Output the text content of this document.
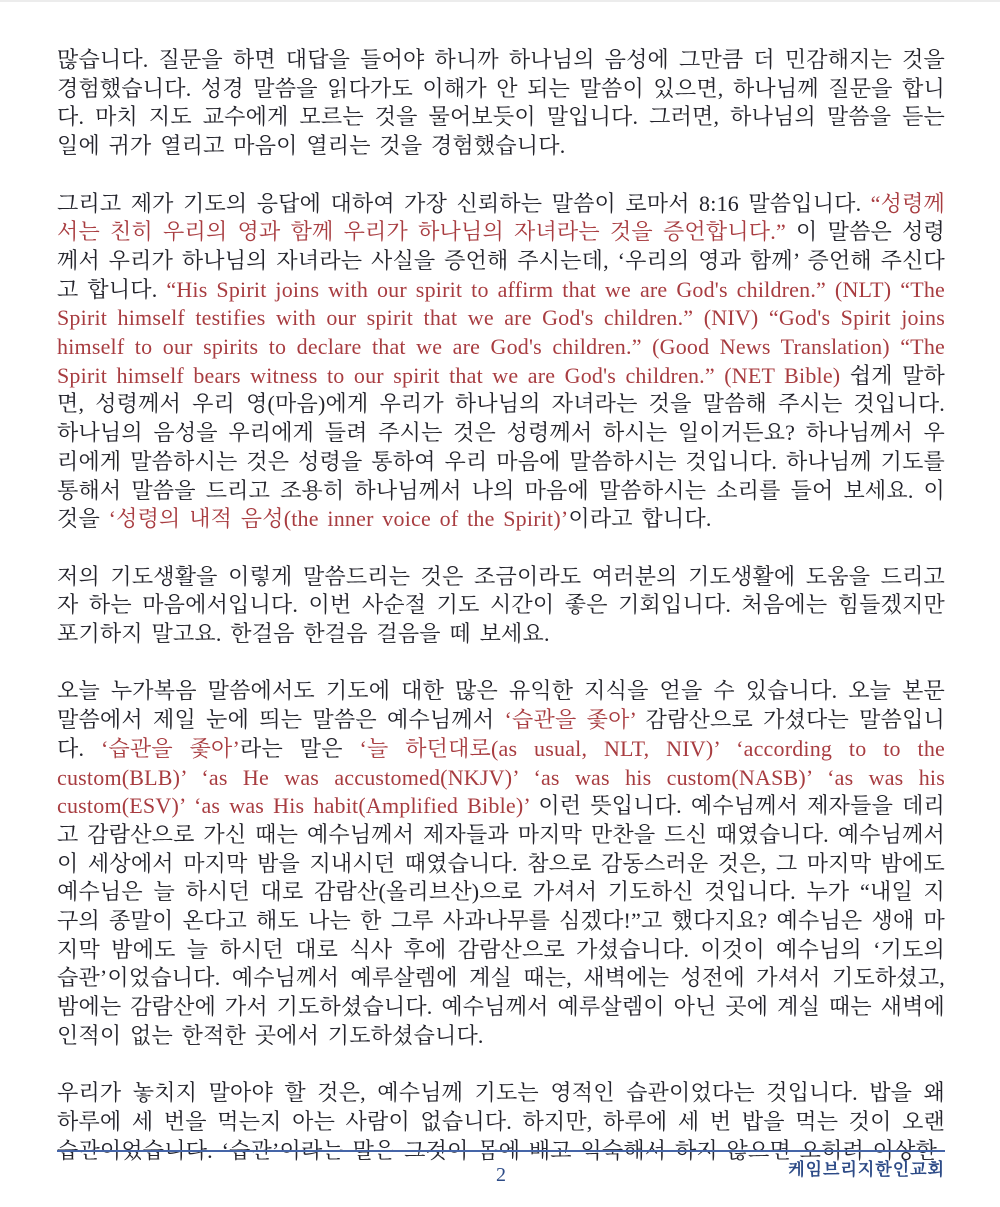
많습니다. 질문을 하면 대답을 들어야 하니까 하나님의 음성에 그만큼 더 민감해지는 것을 경험했습니다. 성경 말씀을 읽다가도 이해가 안 되는 말씀이 있으면, 하나님께 질문을 합니다. 마치 지도 교수에게 모르는 것을 물어보듯이 말입니다. 그러면, 하나님의 말씀을 듣는 일에 귀가 열리고 마음이 열리는 것을 경험했습니다.

그리고 제가 기도의 응답에 대하여 가장 신뢰하는 말씀이 로마서 8:16 말씀입니다. “성령께서는 친히 우리의 영과 함께 우리가 하나님의 자녀라는 것을 증언합니다.” 이 말씀은 성령께서 우리가 하나님의 자녀라는 사실을 증언해 주시는데, ‘우리의 영과 함께’ 증언해 주신다고 합니다. “His Spirit joins with our spirit to affirm that we are God's children.” (NLT) “The Spirit himself testifies with our spirit that we are God's children.” (NIV) “God's Spirit joins himself to our spirits to declare that we are God's children.” (Good News Translation) “The Spirit himself bears witness to our spirit that we are God's children.” (NET Bible) 쉽게 말하면, 성령께서 우리 영(마음)에게 우리가 하나님의 자녀라는 것을 말씀해 주시는 것입니다. 하나님의 음성을 우리에게 들려 주시는 것은 성령께서 하시는 일이거든요? 하나님께서 우리에게 말씀하시는 것은 성령을 통하여 우리 마음에 말씀하시는 것입니다. 하나님께 기도를 통해서 말씀을 드리고 조용히 하나님께서 나의 마음에 말씀하시는 소리를 들어 보세요. 이것을 ‘성령의 내적 음성(the inner voice of the Spirit)’이라고 합니다.

저의 기도생활을 이렇게 말씀드리는 것은 조금이라도 여러분의 기도생활에 도움을 드리고자 하는 마음에서입니다. 이번 사순절 기도 시간이 좋은 기회입니다. 처음에는 힘들겠지만 포기하지 말고요. 한걸음 한걸음 걸음을 떼 보세요.

오늘 누가복음 말씀에서도 기도에 대한 많은 유익한 지식을 얻을 수 있습니다. 오늘 본문 말씀에서 제일 눈에 띄는 말씀은 예수님께서 ‘습관을 좇아’ 감람산으로 가셨다는 말씀입니다. ‘습관을 좇아’라는 말은 ‘늘 하던대로(as usual, NLT, NIV)’ ‘according to to the custom(BLB)’ ‘as He was accustomed(NKJV)’ ‘as was his custom(NASB)’ ‘as was his custom(ESV)’ ‘as was His habit(Amplified Bible)’ 이런 뜻입니다. 예수님께서 제자들을 데리고 감람산으로 가신 때는 예수님께서 제자들과 마지막 만찬을 드신 때였습니다. 예수님께서 이 세상에서 마지막 밤을 지내시던 때였습니다. 참으로 감동스러운 것은, 그 마지막 밤에도 예수님은 늘 하시던 대로 감람산(올리브산)으로 가셔서 기도하신 것입니다. 누가 “내일 지구의 종말이 온다고 해도 나는 한 그루 사과나무를 심겠다!”고 했다지요? 예수님은 생애 마지막 밤에도 늘 하시던 대로 식사 후에 감람산으로 가셨습니다. 이것이 예수님의 ‘기도의 습관’이었습니다. 예수님께서 예루살렘에 계실 때는, 새벽에는 성전에 가셔서 기도하셨고, 밤에는 감람산에 가서 기도하셨습니다. 예수님께서 예루살렘이 아닌 곳에 계실 때는 새벽에 인적이 없는 한적한 곳에서 기도하셨습니다.

우리가 놓치지 말아야 할 것은, 예수님께 기도는 영적인 습관이었다는 것입니다. 밥을 왜 하루에 세 번을 먹는지 아는 사람이 없습니다. 하지만, 하루에 세 번 밥을 먹는 것이 오랜 습관이었습니다. ‘습관’이라는 말은 그것이 몸에 배고 익숙해서 하지 않으면 오히려 이상한

케임브리지한인교회
2
